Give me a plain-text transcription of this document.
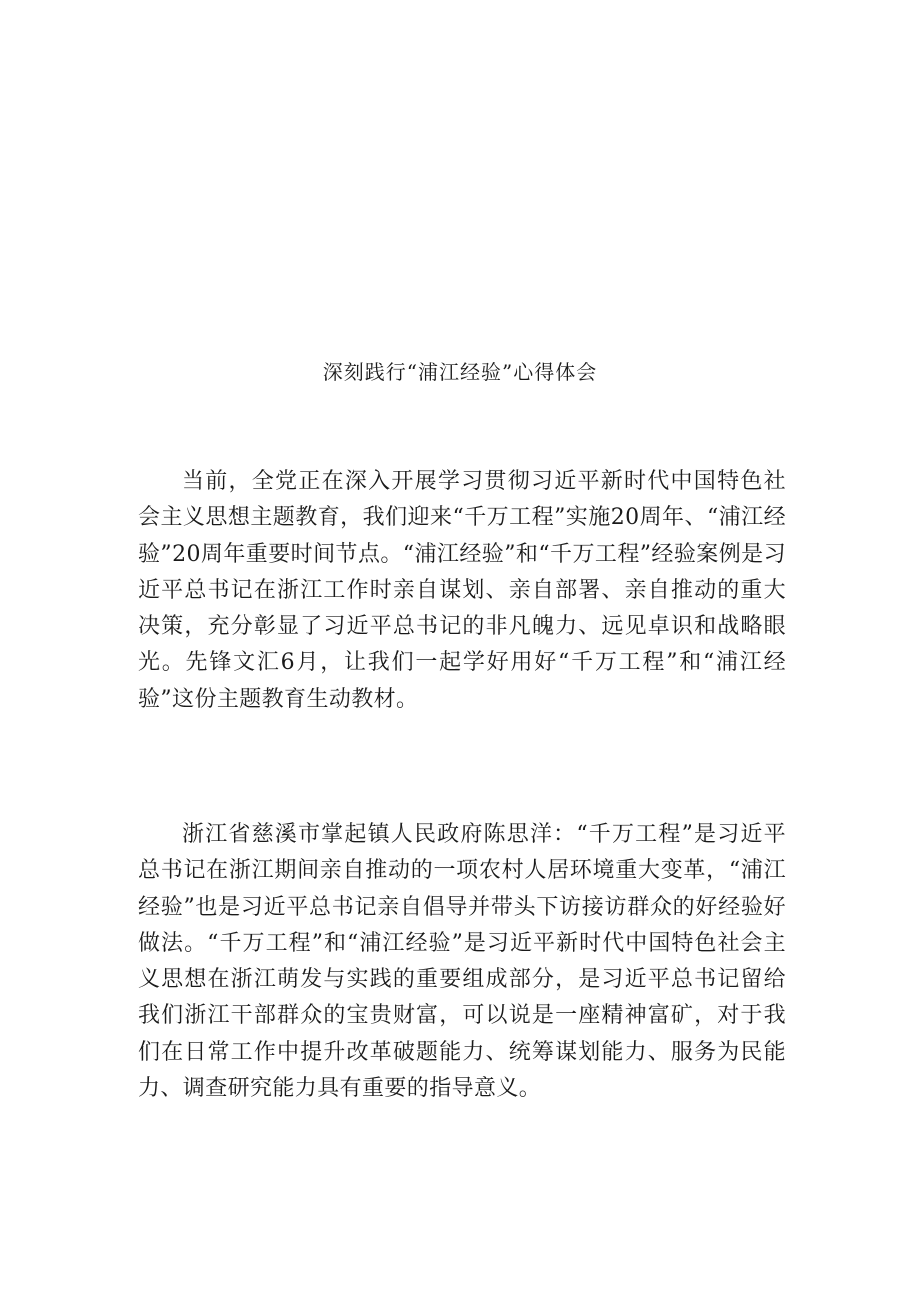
深刻践行“浦江经验”心得体会

当前，全党正在深入开展学习贯彻习近平新时代中国特色社会主义思想主题教育，我们迎来“千万工程”实施20周年、“浦江经验”20周年重要时间节点。“浦江经验”和“千万工程”经验案例是习近平总书记在浙江工作时亲自谋划、亲自部署、亲自推动的重大决策，充分彰显了习近平总书记的非凡魄力、远见卓识和战略眼光。先锋文汇6月，让我们一起学好用好“千万工程”和“浦江经验”这份主题教育生动教材。

浙江省慈溪市掌起镇人民政府陈思洋：“千万工程”是习近平总书记在浙江期间亲自推动的一项农村人居环境重大变革，“浦江经验”也是习近平总书记亲自倡导并带头下访接访群众的好经验好做法。“千万工程”和“浦江经验”是习近平新时代中国特色社会主义思想在浙江萌发与实践的重要组成部分，是习近平总书记留给我们浙江干部群众的宝贵财富，可以说是一座精神富矿，对于我们在日常工作中提升改革破题能力、统筹谋划能力、服务为民能力、调查研究能力具有重要的指导意义。
